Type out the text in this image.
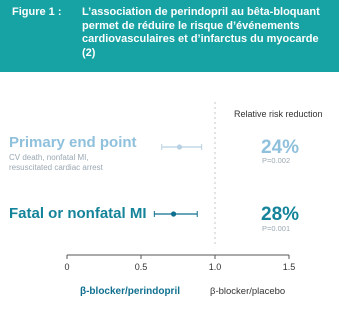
Figure 1 :	L’association de perindopril au bêta-bloquant permet de réduire le risque d’événements cardiovasculaires et d’infarctus du myocarde (2)
Relative risk reduction
Primary end point
CV death, nonfatal MI,
resuscitated cardiac arrest
24%
P=0.002
Fatal or nonfatal MI	28%
P=0.001
0	0.5	1.0	1.5
β-blocker/perindopril	β-blocker/placebo
